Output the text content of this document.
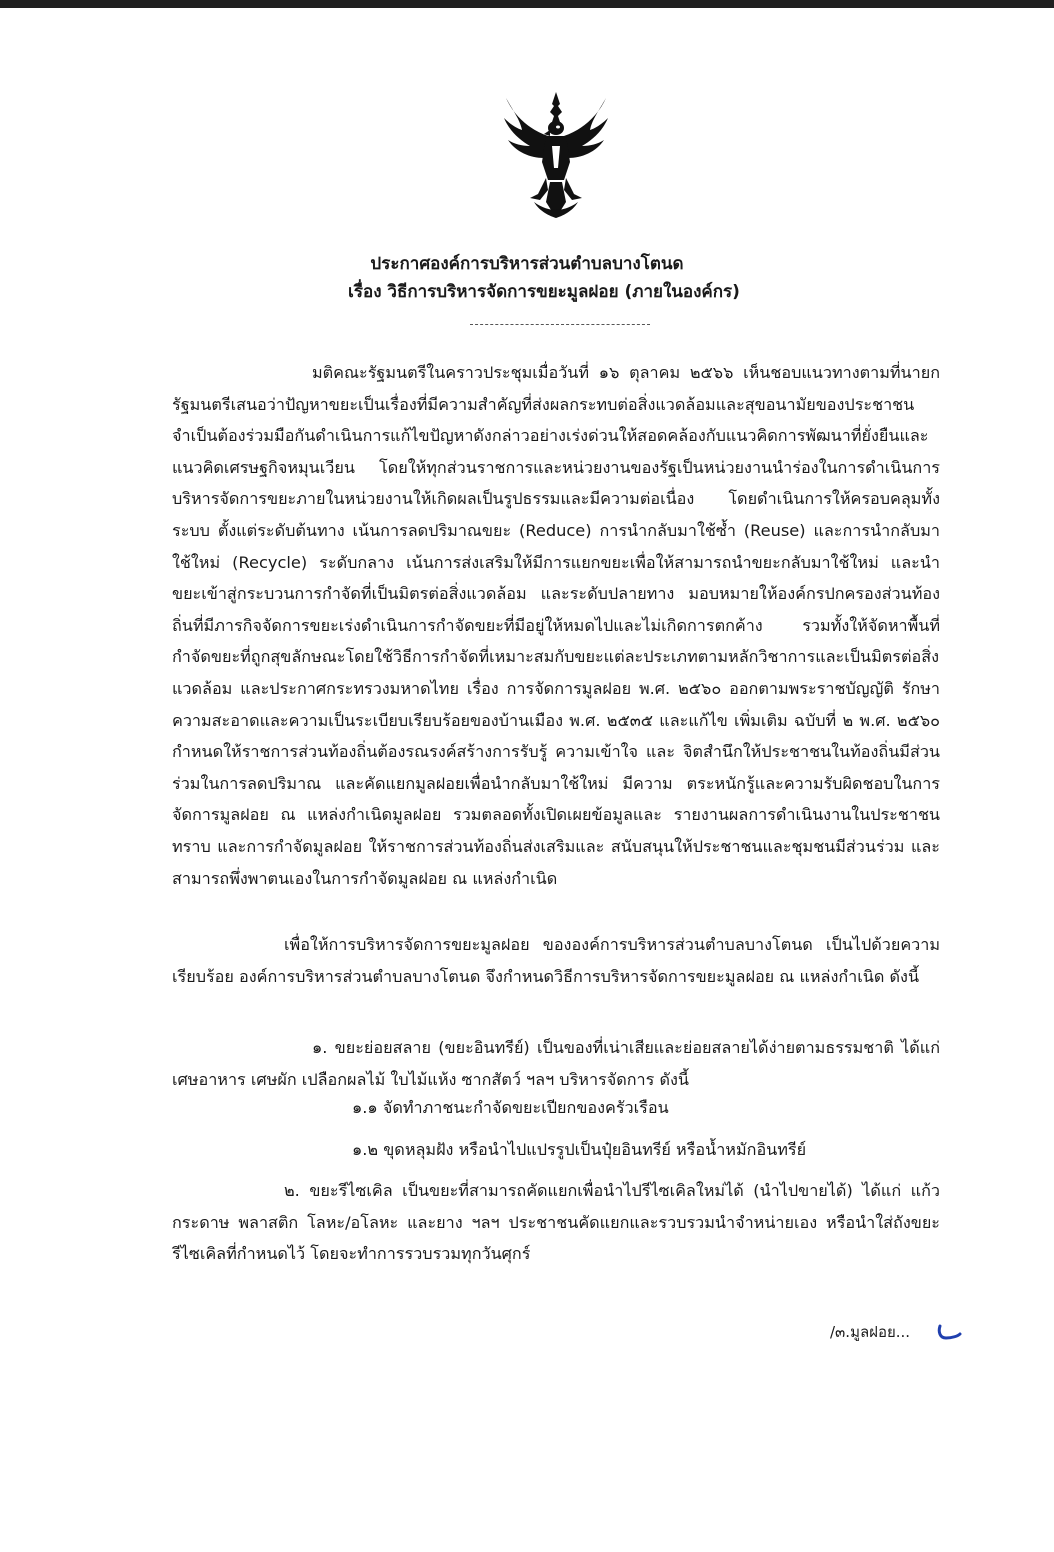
ประกาศองค์การบริหารส่วนตำบลบางโตนด
เรื่อง วิธีการบริหารจัดการขยะมูลฝอย (ภายในองค์กร)
มติคณะรัฐมนตรีในคราวประชุมเมื่อวันที่ ๑๖ ตุลาคม ๒๕๖๖ เห็นชอบแนวทางตามที่นายกรัฐมนตรีเสนอว่าปัญหาขยะเป็นเรื่องที่มีความสำคัญที่ส่งผลกระทบต่อสิ่งแวดล้อมและสุขอนามัยของประชาชน จำเป็นต้องร่วมมือกันดำเนินการแก้ไขปัญหาดังกล่าวอย่างเร่งด่วนให้สอดคล้องกับแนวคิดการพัฒนาที่ยั่งยืนและแนวคิดเศรษฐกิจหมุนเวียน โดยให้ทุกส่วนราชการและหน่วยงานของรัฐเป็นหน่วยงานนำร่องในการดำเนินการบริหารจัดการขยะภายในหน่วยงานให้เกิดผลเป็นรูปธรรมและมีความต่อเนื่อง โดยดำเนินการให้ครอบคลุมทั้งระบบ ตั้งแต่ระดับต้นทาง เน้นการลดปริมาณขยะ (Reduce) การนำกลับมาใช้ซ้ำ (Reuse) และการนำกลับมาใช้ใหม่ (Recycle) ระดับกลาง เน้นการส่งเสริมให้มีการแยกขยะเพื่อให้สามารถนำขยะกลับมาใช้ใหม่ และนำขยะเข้าสู่กระบวนการกำจัดที่เป็นมิตรต่อสิ่งแวดล้อม และระดับปลายทาง มอบหมายให้องค์กรปกครองส่วนท้องถิ่นที่มีภารกิจจัดการขยะเร่งดำเนินการกำจัดขยะที่มีอยู่ให้หมดไปและไม่เกิดการตกค้าง รวมทั้งให้จัดหาพื้นที่กำจัดขยะที่ถูกสุขลักษณะโดยใช้วิธีการกำจัดที่เหมาะสมกับขยะแต่ละประเภทตามหลักวิชาการและเป็นมิตรต่อสิ่งแวดล้อม และประกาศกระทรวงมหาดไทย เรื่อง การจัดการมูลฝอย พ.ศ. ๒๕๖๐ ออกตามพระราชบัญญัติ รักษาความสะอาดและความเป็นระเบียบเรียบร้อยของบ้านเมือง พ.ศ. ๒๕๓๕ และแก้ไข เพิ่มเติม ฉบับที่ ๒ พ.ศ. ๒๕๖๐ กำหนดให้ราชการส่วนท้องถิ่นต้องรณรงค์สร้างการรับรู้ ความเข้าใจ และ จิตสำนึกให้ประชาชนในท้องถิ่นมีส่วนร่วมในการลดปริมาณ และคัดแยกมูลฝอยเพื่อนำกลับมาใช้ใหม่ มีความ ตระหนักรู้และความรับผิดชอบในการจัดการมูลฝอย ณ แหล่งกำเนิดมูลฝอย รวมตลอดทั้งเปิดเผยข้อมูลและ รายงานผลการดำเนินงานในประชาชนทราบ และการกำจัดมูลฝอย ให้ราชการส่วนท้องถิ่นส่งเสริมและ สนับสนุนให้ประชาชนและชุมชนมีส่วนร่วม และสามารถพึ่งพาตนเองในการกำจัดมูลฝอย ณ แหล่งกำเนิด
เพื่อให้การบริหารจัดการขยะมูลฝอย ขององค์การบริหารส่วนตำบลบางโตนด เป็นไปด้วยความเรียบร้อย องค์การบริหารส่วนตำบลบางโตนด จึงกำหนดวิธีการบริหารจัดการขยะมูลฝอย ณ แหล่งกำเนิด ดังนี้
๑. ขยะย่อยสลาย (ขยะอินทรีย์) เป็นของที่เน่าเสียและย่อยสลายได้ง่ายตามธรรมชาติ ได้แก่ เศษอาหาร เศษผัก เปลือกผลไม้ ใบไม้แห้ง ซากสัตว์ ฯลฯ บริหารจัดการ ดังนี้
๑.๑ จัดทำภาชนะกำจัดขยะเปียกของครัวเรือน
๑.๒ ขุดหลุมฝัง หรือนำไปแปรรูปเป็นปุ๋ยอินทรีย์ หรือน้ำหมักอินทรีย์
๒. ขยะรีไซเคิล เป็นขยะที่สามารถคัดแยกเพื่อนำไปรีไซเคิลใหม่ได้ (นำไปขายได้) ได้แก่ แก้ว กระดาษ พลาสติก โลหะ/อโลหะ และยาง ฯลฯ ประชาชนคัดแยกและรวบรวมนำจำหน่ายเอง หรือนำใส่ถังขยะ รีไซเคิลที่กำหนดไว้ โดยจะทำการรวบรวมทุกวันศุกร์
/๓.มูลฝอย...
